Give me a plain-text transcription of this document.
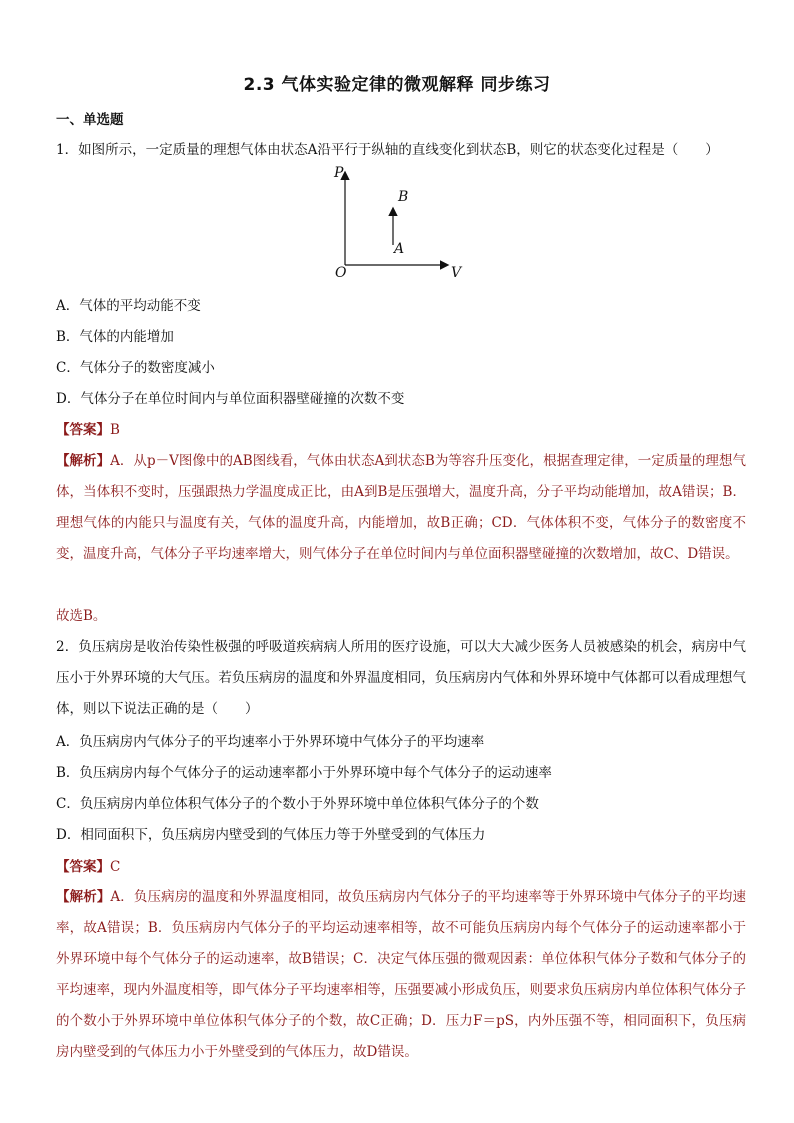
2.3 气体实验定律的微观解释 同步练习
一、单选题
1．如图所示，一定质量的理想气体由状态A沿平行于纵轴的直线变化到状态B，则它的状态变化过程是（　　）
P
V
O
A
B
A．气体的平均动能不变
B．气体的内能增加
C．气体分子的数密度减小
D．气体分子在单位时间内与单位面积器壁碰撞的次数不变
【答案】B
【解析】A．从p－V图像中的AB图线看，气体由状态A到状态B为等容升压变化，根据查理定律，一定质量的理想气体，当体积不变时，压强跟热力学温度成正比，由A到B是压强增大，温度升高，分子平均动能增加，故A错误；B．理想气体的内能只与温度有关，气体的温度升高，内能增加，故B正确；CD．气体体积不变，气体分子的数密度不变，温度升高，气体分子平均速率增大，则气体分子在单位时间内与单位面积器壁碰撞的次数增加，故C、D错误。
故选B。
2．负压病房是收治传染性极强的呼吸道疾病病人所用的医疗设施，可以大大减少医务人员被感染的机会，病房中气压小于外界环境的大气压。若负压病房的温度和外界温度相同，负压病房内气体和外界环境中气体都可以看成理想气体，则以下说法正确的是（　　）
A．负压病房内气体分子的平均速率小于外界环境中气体分子的平均速率
B．负压病房内每个气体分子的运动速率都小于外界环境中每个气体分子的运动速率
C．负压病房内单位体积气体分子的个数小于外界环境中单位体积气体分子的个数
D．相同面积下，负压病房内壁受到的气体压力等于外壁受到的气体压力
【答案】C
【解析】A．负压病房的温度和外界温度相同，故负压病房内气体分子的平均速率等于外界环境中气体分子的平均速率，故A错误；B．负压病房内气体分子的平均运动速率相等，故不可能负压病房内每个气体分子的运动速率都小于外界环境中每个气体分子的运动速率，故B错误；C．决定气体压强的微观因素：单位体积气体分子数和气体分子的平均速率，现内外温度相等，即气体分子平均速率相等，压强要减小形成负压，则要求负压病房内单位体积气体分子的个数小于外界环境中单位体积气体分子的个数，故C正确；D．压力F＝pS，内外压强不等，相同面积下，负压病房内壁受到的气体压力小于外壁受到的气体压力，故D错误。
